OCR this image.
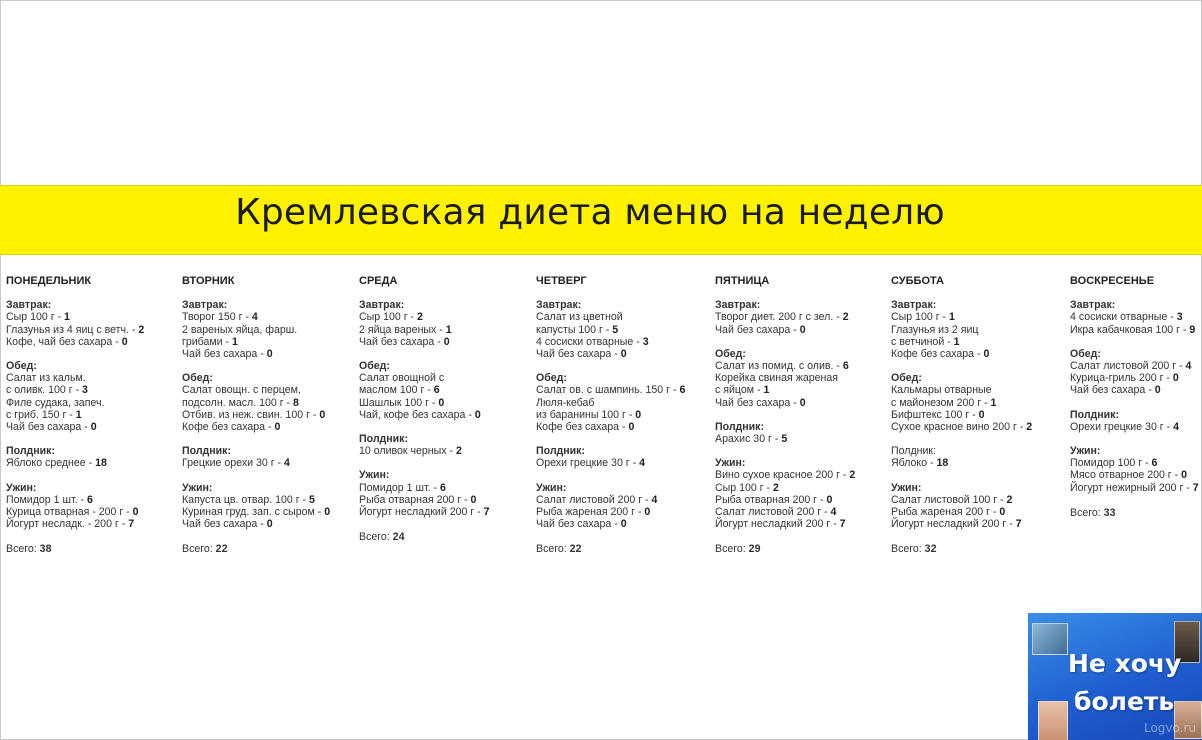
Кремлевская диета меню на неделю
ПОНЕДЕЛЬНИК
Завтрак:
Сыр 100 г - 1
Глазунья из 4 яиц с ветч. - 2
Кофе, чай без сахара - 0
Обед:
Салат из кальм.
с оливк. 100 г - 3
Филе судака, запеч.
с гриб. 150 г - 1
Чай без сахара - 0
Полдник:
Яблоко среднее - 18
Ужин:
Помидор 1 шт. - 6
Курица отварная - 200 г - 0
Йогурт несладк. - 200 г - 7
Всего: 38
ВТОРНИК
Завтрак:
Творог 150 г - 4
2 вареных яйца, фарш.
грибами - 1
Чай без сахара - 0
Обед:
Салат овощн. с перцем,
подсолн. масл. 100 г - 8
Отбив. из неж. свин. 100 г - 0
Кофе без сахара - 0
Полдник:
Грецкие орехи 30 г - 4
Ужин:
Капуста цв. отвар. 100 г - 5
Куриная груд. зап. с сыром - 0
Чай без сахара - 0
Всего: 22
СРЕДА
Завтрак:
Сыр 100 г - 2
2 яйца вареных - 1
Чай без сахара - 0
Обед:
Салат овощной с
маслом 100 г - 6
Шашлык 100 г - 0
Чай, кофе без сахара - 0
Полдник:
10 оливок черных - 2
Ужин:
Помидор 1 шт. - 6
Рыба отварная 200 г - 0
Йогурт несладкий 200 г - 7
Всего: 24
ЧЕТВЕРГ
Завтрак:
Салат из цветной
капусты 100 г - 5
4 сосиски отварные - 3
Чай без сахара - 0
Обед:
Салат ов. с шампинь. 150 г - 6
Люля-кебаб
из баранины 100 г - 0
Кофе без сахара - 0
Полдник:
Орехи грецкие 30 г - 4
Ужин:
Салат листовой 200 г - 4
Рыба жареная 200 г - 0
Чай без сахара - 0
Всего: 22
ПЯТНИЦА
Завтрак:
Творог диет. 200 г с зел. - 2
Чай без сахара - 0
Обед:
Салат из помид. с олив. - 6
Корейка свиная жареная
с яйцом - 1
Чай без сахара - 0
Полдник:
Арахис 30 г - 5
Ужин:
Вино сухое красное 200 г - 2
Сыр 100 г - 2
Рыба отварная 200 г - 0
Салат листовой 200 г - 4
Йогурт несладкий 200 г - 7
Всего: 29
СУББОТА
Завтрак:
Сыр 100 г - 1
Глазунья из 2 яиц
с ветчиной - 1
Кофе без сахара - 0
Обед:
Кальмары отварные
с майонезом 200 г - 1
Бифштекс 100 г - 0
Сухое красное вино 200 г - 2
Полдник:
Яблоко - 18
Ужин:
Салат листовой 100 г - 2
Рыба жареная 200 г - 0
Йогурт несладкий 200 г - 7
Всего: 32
ВОСКРЕСЕНЬЕ
Завтрак:
4 сосиски отварные - 3
Икра кабачковая 100 г - 9
Обед:
Салат листовой 200 г - 4
Курица-гриль 200 г - 0
Чай без сахара - 0
Полдник:
Орехи грецкие 30 г - 4
Ужин:
Помидор 100 г - 6
Мясо отварное 200 г - 0
Йогурт нежирный 200 г - 7
Всего: 33
Не хочу
болеть
Logvo.ru
